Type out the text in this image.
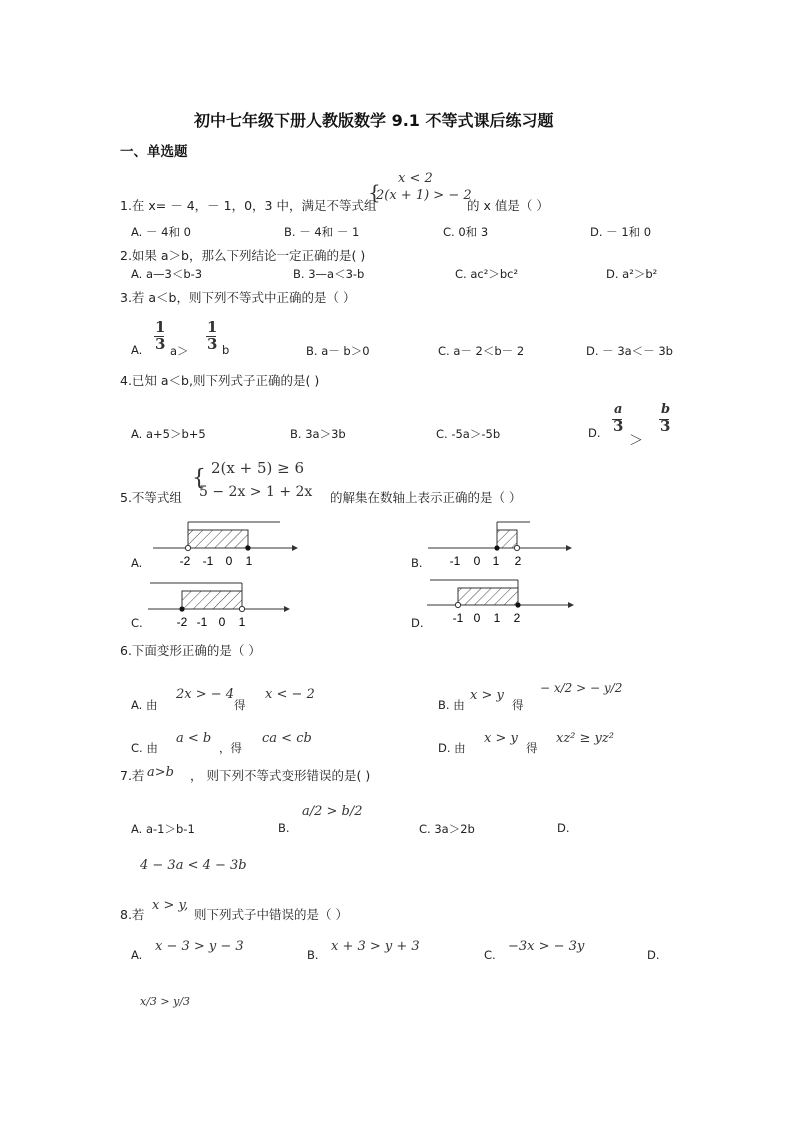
初中七年级下册人教版数学 9.1 不等式课后练习题
一、单选题
1.在 x= － 4，－ 1，0，3 中，满足不等式组
{
x < 2
2(x + 1) > − 2
的 x 值是（ ）
A. － 4和 0	B. － 4和 － 1	C. 0和 3	D. － 1和 0
2.如果 a＞b，那么下列结论一定正确的是( )
A. a—3＜b-3	B. 3—a＜3-b	C. ac²＞bc²	D. a²＞b²
3.若 a＜b，则下列不等式中正确的是（ ）
A.
1
3 a＞
1
3 b	B. a－ b＞0	C. a－ 2＜b－ 2	D. － 3a＜－ 3b
4.已知 a＜b,则下列式子正确的是( )
A. a+5＞b+5	B. 3a＞3b	C. -5a＞-5b	D.
a
3
＞
b
3
5.不等式组
{ 2(x + 5) ≥ 6
5 − 2x > 1 + 2x 的解集在数轴上表示正确的是（ ）
A.	B.
C.	D.
-2 -1 0 1	-1 0 1 2
-2 -1 0 1	-1 0 1 2
6.下面变形正确的是（ ）
A. 由
2x > − 4
得
x < − 2
B. 由
x > y
得
− x/2 > − y/2
C. 由
a < b
，得
ca < cb
D. 由
x > y
得
xz² ≥ yz²
7.若 a>b ， 则下列不等式变形错误的是( )
A. a-1＞b-1	B.
a/2 > b/2
C. 3a＞2b	D.
4 − 3a < 4 − 3b
8.若
x > y,
则下列式子中错误的是（ ）
A.
x − 3 > y − 3
B.
x + 3 > y + 3
C.
−3x > − 3y
D.
x/3 > y/3
